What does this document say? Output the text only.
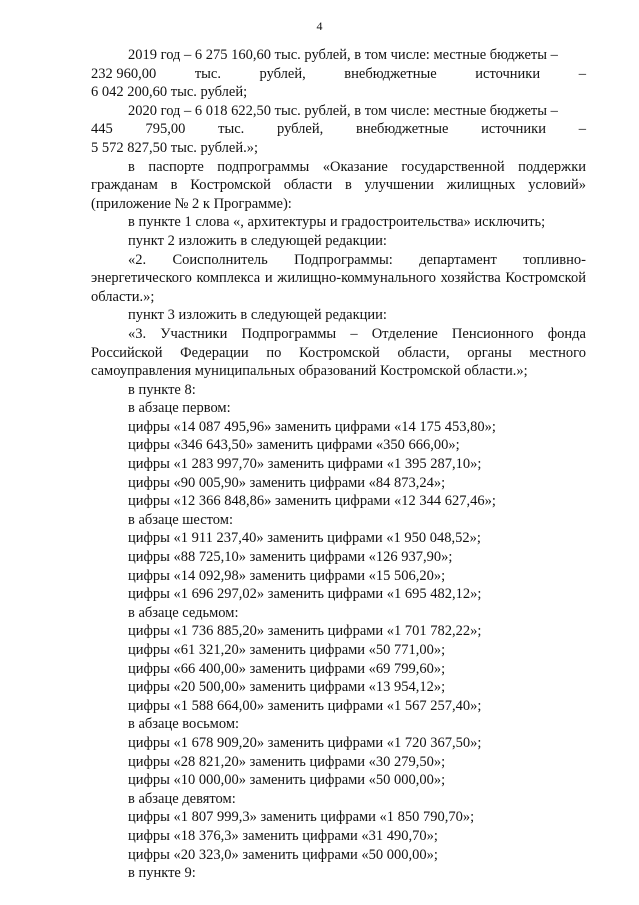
4
2019 год – 6 275 160,60 тыс. рублей, в том числе: местные бюджеты –
232 960,00	тыс.	рублей,	внебюджетные	источники	–
6 042 200,60 тыс. рублей;
2020 год – 6 018 622,50 тыс. рублей, в том числе: местные бюджеты –
445 795,00 тыс. рублей, внебюджетные источники –
5 572 827,50 тыс. рублей.»;

в паспорте подпрограммы «Оказание государственной поддержки гражданам в Костромской области в улучшении жилищных условий» (приложение № 2 к Программе):

в пункте 1 слова «, архитектуры и градостроительства» исключить;

пункт 2 изложить в следующей редакции:

«2. Соисполнитель Подпрограммы: департамент топливно-энергетического комплекса и жилищно-коммунального хозяйства Костромской области.»;

пункт 3 изложить в следующей редакции:

«3. Участники Подпрограммы – Отделение Пенсионного фонда Российской Федерации по Костромской области, органы местного самоуправления муниципальных образований Костромской области.»;

в пункте 8:

в абзаце первом:

цифры «14 087 495,96» заменить цифрами «14 175 453,80»;

цифры «346 643,50» заменить цифрами «350 666,00»;

цифры «1 283 997,70» заменить цифрами «1 395 287,10»;

цифры «90 005,90» заменить цифрами «84 873,24»;

цифры «12 366 848,86» заменить цифрами «12 344 627,46»;

в абзаце шестом:

цифры «1 911 237,40» заменить цифрами «1 950 048,52»;

цифры «88 725,10» заменить цифрами «126 937,90»;

цифры «14 092,98» заменить цифрами «15 506,20»;

цифры «1 696 297,02» заменить цифрами «1 695 482,12»;

в абзаце седьмом:

цифры «1 736 885,20» заменить цифрами «1 701 782,22»;

цифры «61 321,20» заменить цифрами «50 771,00»;

цифры «66 400,00» заменить цифрами «69 799,60»;

цифры «20 500,00» заменить цифрами «13 954,12»;

цифры «1 588 664,00» заменить цифрами «1 567 257,40»;

в абзаце восьмом:

цифры «1 678 909,20» заменить цифрами «1 720 367,50»;

цифры «28 821,20» заменить цифрами «30 279,50»;

цифры «10 000,00» заменить цифрами «50 000,00»;

в абзаце девятом:

цифры «1 807 999,3» заменить цифрами «1 850 790,70»;

цифры «18 376,3» заменить цифрами «31 490,70»;

цифры «20 323,0» заменить цифрами «50 000,00»;

в пункте 9:
